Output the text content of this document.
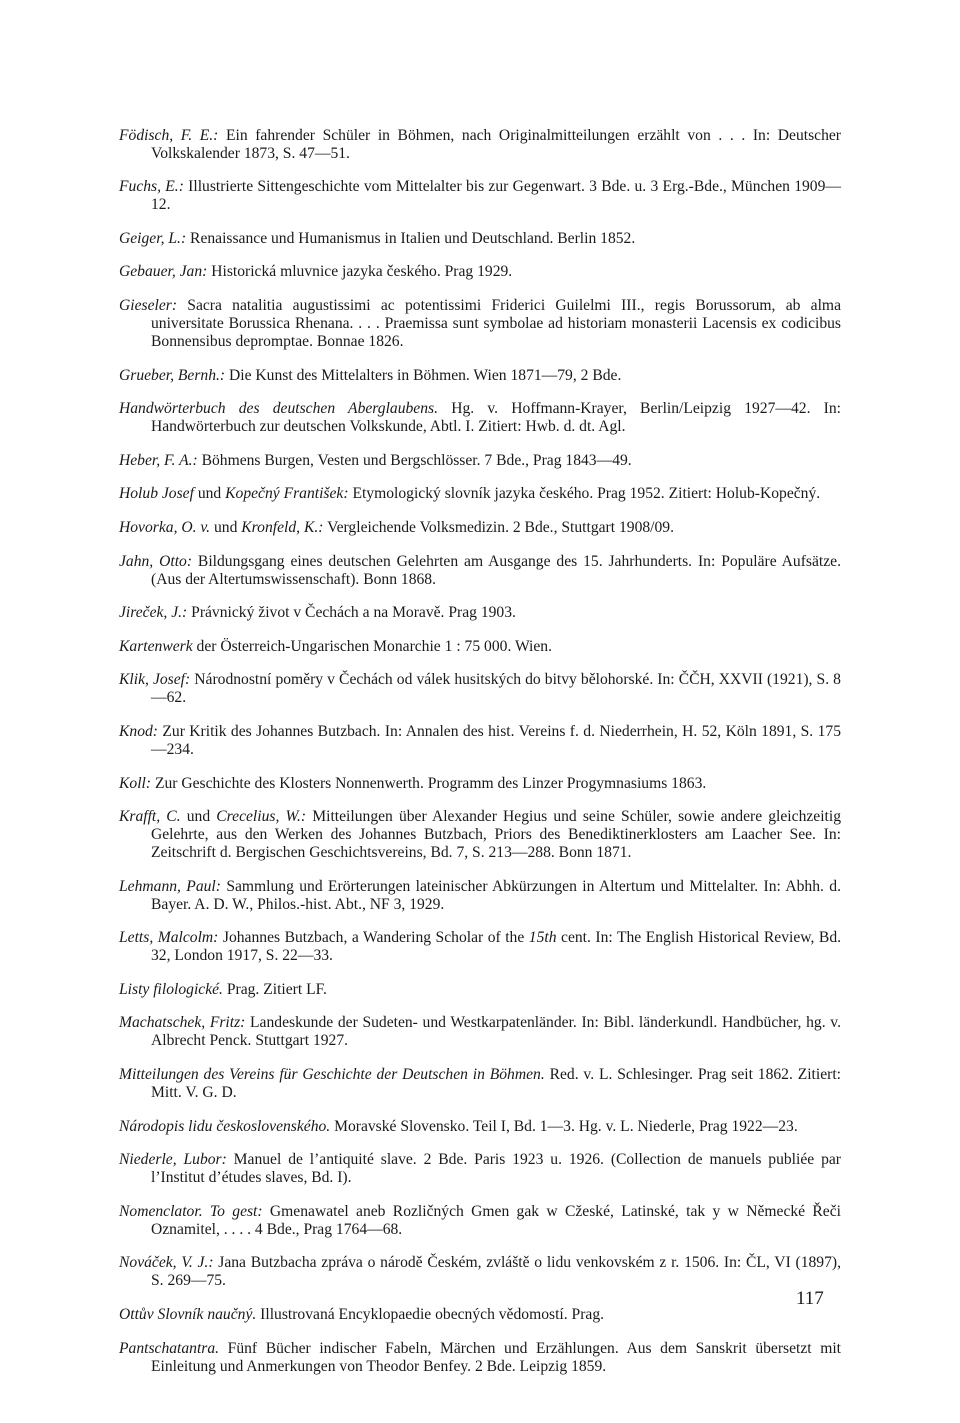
Födisch, F. E.: Ein fahrender Schüler in Böhmen, nach Originalmitteilungen erzählt von . . . In: Deutscher Volkskalender 1873, S. 47—51.

Fuchs, E.: Illustrierte Sittengeschichte vom Mittelalter bis zur Gegenwart. 3 Bde. u. 3 Erg.-Bde., München 1909—12.

Geiger, L.: Renaissance und Humanismus in Italien und Deutschland. Berlin 1852.

Gebauer, Jan: Historická mluvnice jazyka českého. Prag 1929.

Gieseler: Sacra natalitia augustissimi ac potentissimi Friderici Guilelmi III., regis Borussorum, ab alma universitate Borussica Rhenana. . . . Praemissa sunt symbolae ad historiam monasterii Lacensis ex codicibus Bonnensibus depromptae. Bonnae 1826.

Grueber, Bernh.: Die Kunst des Mittelalters in Böhmen. Wien 1871—79, 2 Bde.

Handwörterbuch des deutschen Aberglaubens. Hg. v. Hoffmann-Krayer, Berlin/Leipzig 1927—42. In: Handwörterbuch zur deutschen Volkskunde, Abtl. I. Zitiert: Hwb. d. dt. Agl.

Heber, F. A.: Böhmens Burgen, Vesten und Bergschlösser. 7 Bde., Prag 1843—49.

Holub Josef und Kopečný František: Etymologický slovník jazyka českého. Prag 1952. Zitiert: Holub-Kopečný.

Hovorka, O. v. und Kronfeld, K.: Vergleichende Volksmedizin. 2 Bde., Stuttgart 1908/09.

Jahn, Otto: Bildungsgang eines deutschen Gelehrten am Ausgange des 15. Jahrhunderts. In: Populäre Aufsätze. (Aus der Altertumswissenschaft). Bonn 1868.

Jireček, J.: Právnický život v Čechách a na Moravě. Prag 1903.

Kartenwerk der Österreich-Ungarischen Monarchie 1 : 75 000. Wien.

Klik, Josef: Národnostní poměry v Čechách od válek husitských do bitvy bělohorské. In: ČČH, XXVII (1921), S. 8—62.

Knod: Zur Kritik des Johannes Butzbach. In: Annalen des hist. Vereins f. d. Niederrhein, H. 52, Köln 1891, S. 175—234.

Koll: Zur Geschichte des Klosters Nonnenwerth. Programm des Linzer Progymnasiums 1863.

Krafft, C. und Crecelius, W.: Mitteilungen über Alexander Hegius und seine Schüler, sowie andere gleichzeitig Gelehrte, aus den Werken des Johannes Butzbach, Priors des Benediktinerklosters am Laacher See. In: Zeitschrift d. Bergischen Geschichtsvereins, Bd. 7, S. 213—288. Bonn 1871.

Lehmann, Paul: Sammlung und Erörterungen lateinischer Abkürzungen in Altertum und Mittelalter. In: Abhh. d. Bayer. A. D. W., Philos.-hist. Abt., NF 3, 1929.

Letts, Malcolm: Johannes Butzbach, a Wandering Scholar of the 15th cent. In: The English Historical Review, Bd. 32, London 1917, S. 22—33.

Listy filologické. Prag. Zitiert LF.

Machatschek, Fritz: Landeskunde der Sudeten- und Westkarpatenländer. In: Bibl. länderkundl. Handbücher, hg. v. Albrecht Penck. Stuttgart 1927.

Mitteilungen des Vereins für Geschichte der Deutschen in Böhmen. Red. v. L. Schlesinger. Prag seit 1862. Zitiert: Mitt. V. G. D.

Národopis lidu československého. Moravské Slovensko. Teil I, Bd. 1—3. Hg. v. L. Niederle, Prag 1922—23.

Niederle, Lubor: Manuel de l’antiquité slave. 2 Bde. Paris 1923 u. 1926. (Collection de manuels publiée par l’Institut d’études slaves, Bd. I).

Nomenclator. To gest: Gmenawatel aneb Rozličných Gmen gak w Cžeské, Latinské, tak y w Německé Řeči Oznamitel, . . . . 4 Bde., Prag 1764—68.

Nováček, V. J.: Jana Butzbacha zpráva o národě Českém, zvláště o lidu venkovském z r. 1506. In: ČL, VI (1897), S. 269—75.

Ottův Slovník naučný. Illustrovaná Encyklopaedie obecných vědomostí. Prag.

Pantschatantra. Fünf Bücher indischer Fabeln, Märchen und Erzählungen. Aus dem Sanskrit übersetzt mit Einleitung und Anmerkungen von Theodor Benfey. 2 Bde. Leipzig 1859.

117
